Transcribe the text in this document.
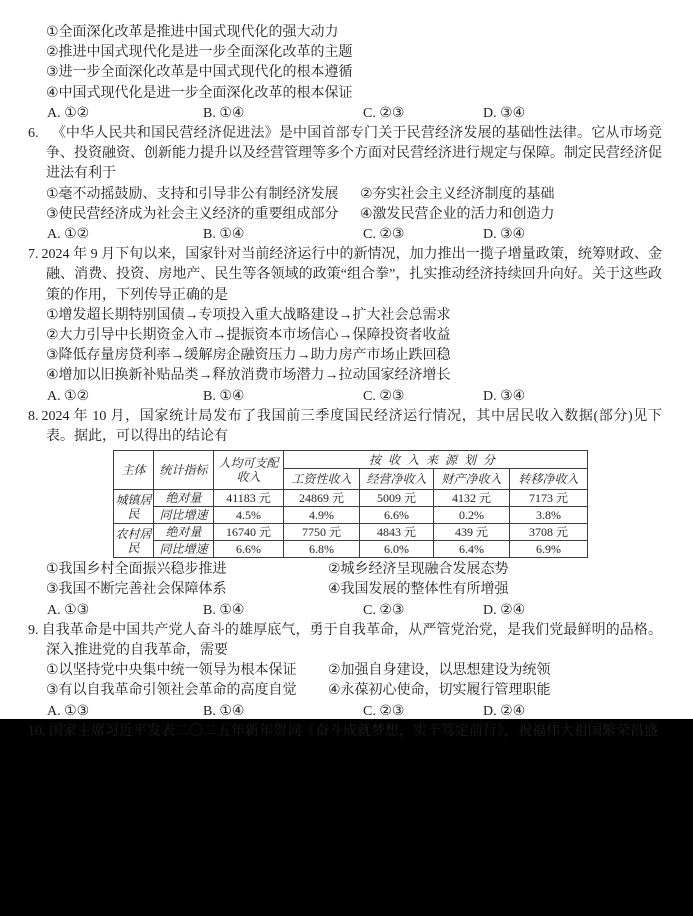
①全面深化改革是推进中国式现代化的强大动力
②推进中国式现代化是进一步全面深化改革的主题
③进一步全面深化改革是中国式现代化的根本遵循
④中国式现代化是进一步全面深化改革的根本保证
A. ①②	B. ①④	C. ②③	D. ③④
6. 《中华人民共和国民营经济促进法》是中国首部专门关于民营经济发展的基础性法律。它从市场竞争、投资融资、创新能力提升以及经营管理等多个方面对民营经济进行规定与保障。制定民营经济促进法有利于
①毫不动摇鼓励、支持和引导非公有制经济发展	②夯实社会主义经济制度的基础
③使民营经济成为社会主义经济的重要组成部分	④激发民营企业的活力和创造力
A. ①②	B. ①④	C. ②③	D. ③④
7. 2024 年 9 月下旬以来，国家针对当前经济运行中的新情况，加力推出一揽子增量政策，统筹财政、金融、消费、投资、房地产、民生等各领域的政策“组合拳”，扎实推动经济持续回升向好。关于这些政策的作用，下列传导正确的是
①增发超长期特别国债→专项投入重大战略建设→扩大社会总需求
②大力引导中长期资金入市→提振资本市场信心→保障投资者收益
③降低存量房贷利率→缓解房企融资压力→助力房产市场止跌回稳
④增加以旧换新补贴品类→释放消费市场潜力→拉动国家经济增长
A. ①②	B. ①④	C. ②③	D. ③④
8. 2024 年 10 月，国家统计局发布了我国前三季度国民经济运行情况，其中居民收入数据(部分)见下表。据此，可以得出的结论有
主体	统计指标	人均可支配收入	按收入来源划分			
			工资性收入	经营净收入	财产净收入	转移净收入
城镇居民	绝对量	41183 元	24869 元	5009 元	4132 元	7173 元
	同比增速	4.5%	4.9%	6.6%	0.2%	3.8%
农村居民	绝对量	16740 元	7750 元	4843 元	439 元	3708 元
	同比增速	6.6%	6.8%	6.0%	6.4%	6.9%
①我国乡村全面振兴稳步推进	②城乡经济呈现融合发展态势
③我国不断完善社会保障体系	④我国发展的整体性有所增强
A. ①③	B. ①④	C. ②③	D. ②④
9. 自我革命是中国共产党人奋斗的雄厚底气，勇于自我革命，从严管党治党，是我们党最鲜明的品格。深入推进党的自我革命，需要
①以坚持党中央集中统一领导为根本保证	②加强自身建设，以思想建设为统领
③有以自我革命引领社会革命的高度自觉	④永葆初心使命，切实履行管理职能
A. ①③	B. ①④	C. ②③	D. ②④
10. 国家主席习近平发表二〇二五年新年贺词《奋斗成就梦想，实干笃定前行》，祝福伟大祖国繁荣昌盛
